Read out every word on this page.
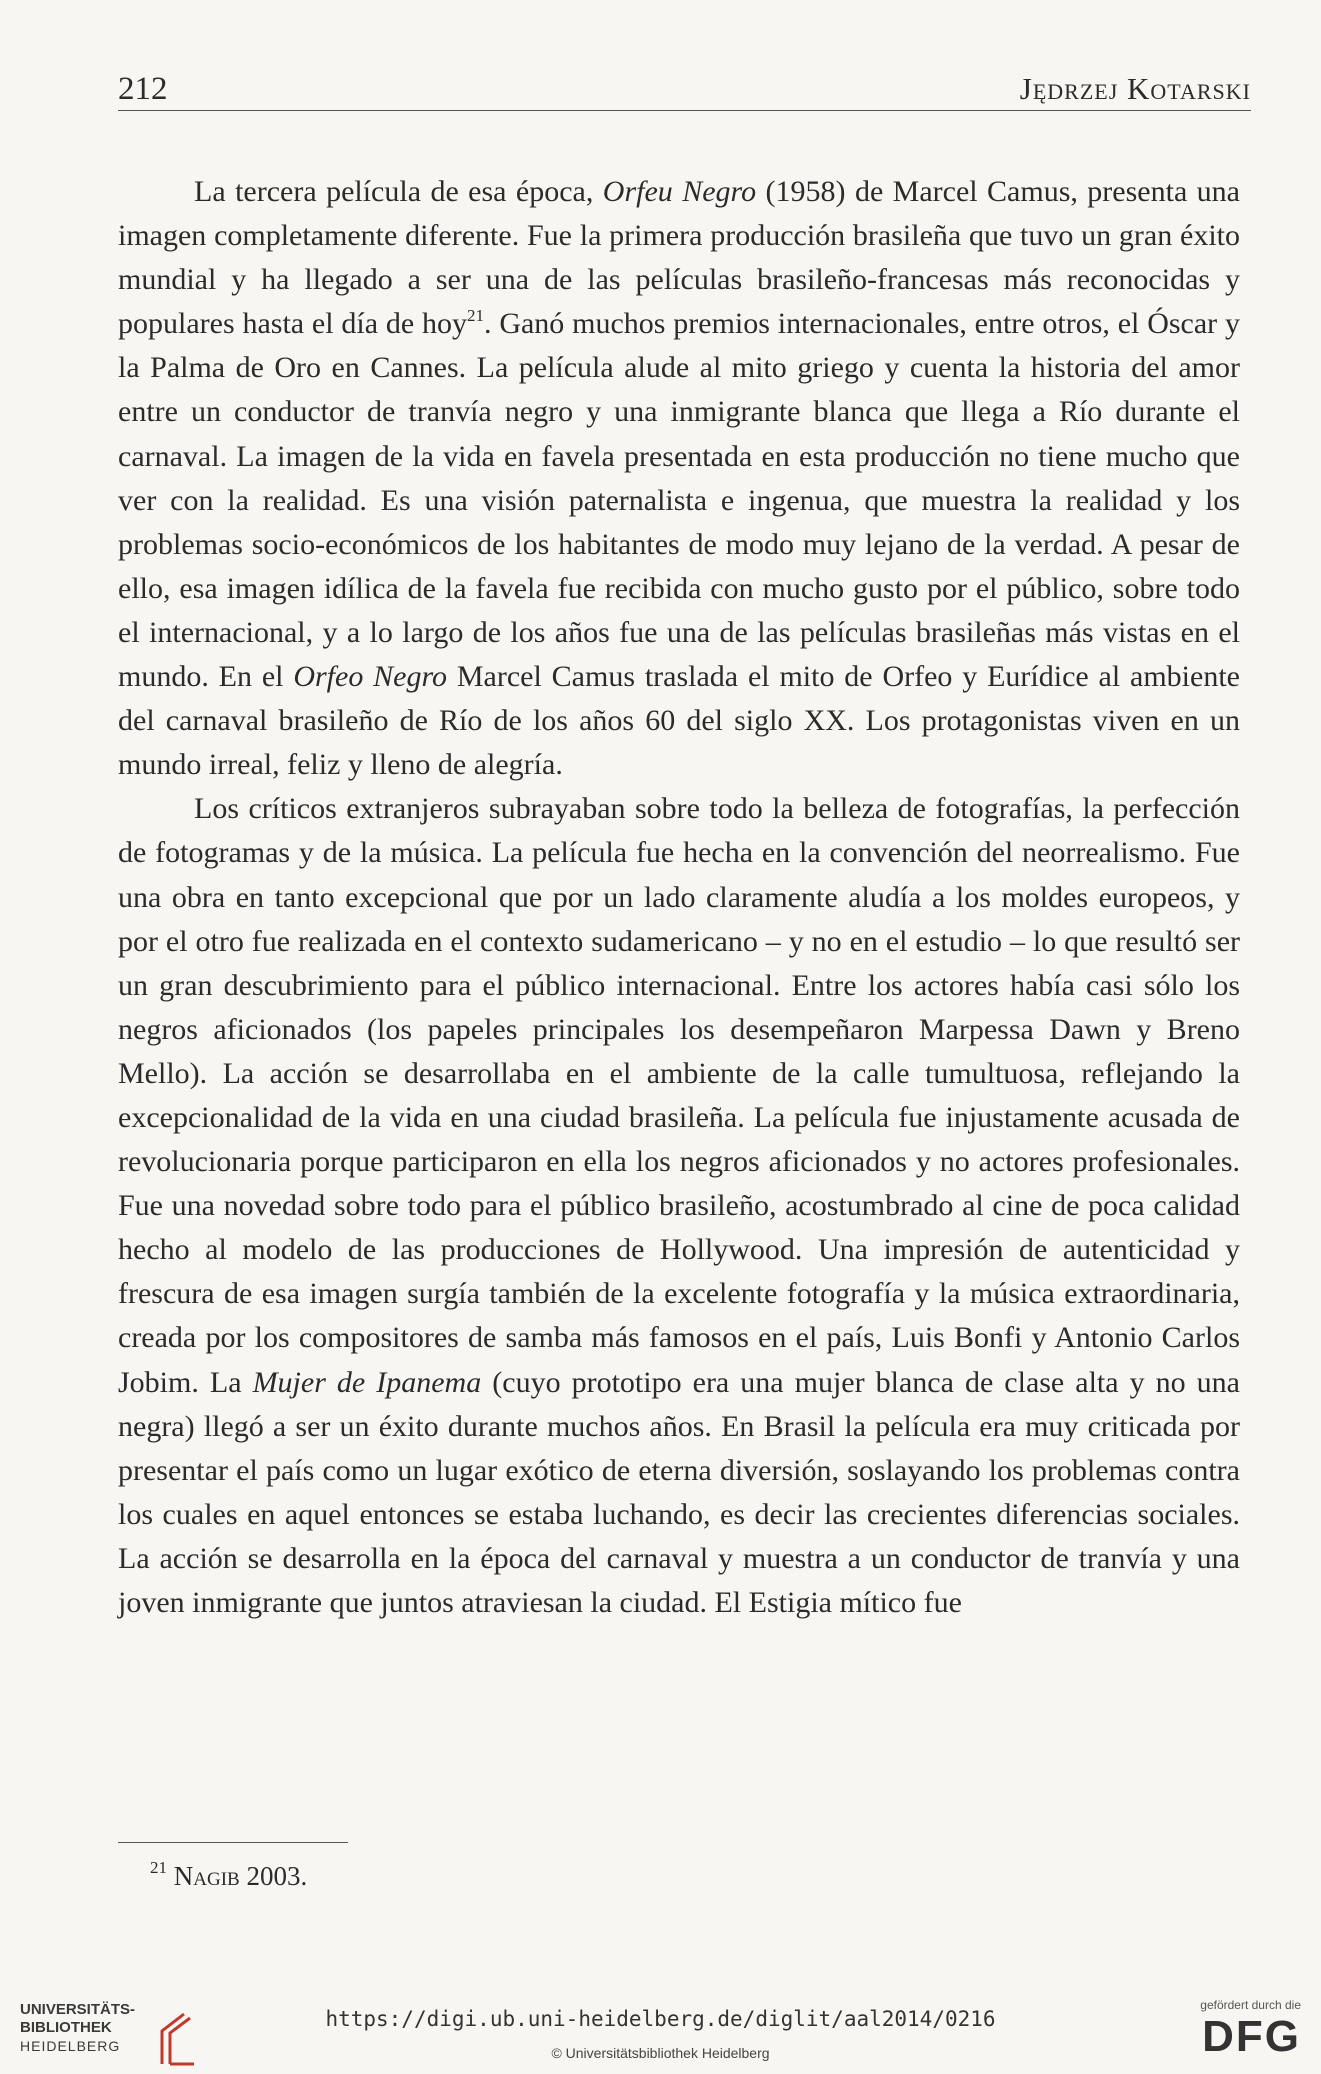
212	Jędrzej Kotarski

La tercera película de esa época, Orfeu Negro (1958) de Marcel Camus, presenta una imagen completamente diferente. Fue la primera producción brasileña que tuvo un gran éxito mundial y ha llegado a ser una de las películas brasileño-francesas más reconocidas y populares hasta el día de hoy$^{21}$. Ganó muchos premios internacionales, entre otros, el Óscar y la Palma de Oro en Cannes. La película alude al mito griego y cuenta la historia del amor entre un conductor de tranvía negro y una inmigrante blanca que llega a Río durante el carnaval. La imagen de la vida en favela presentada en esta producción no tiene mucho que ver con la realidad. Es una visión paternalista e ingenua, que muestra la realidad y los problemas socio-económicos de los habitantes de modo muy lejano de la verdad. A pesar de ello, esa imagen idílica de la favela fue recibida con mucho gusto por el público, sobre todo el internacional, y a lo largo de los años fue una de las películas brasileñas más vistas en el mundo. En el Orfeo Negro Marcel Camus traslada el mito de Orfeo y Eurídice al ambiente del carnaval brasileño de Río de los años 60 del siglo XX. Los protagonistas viven en un mundo irreal, feliz y lleno de alegría.

Los críticos extranjeros subrayaban sobre todo la belleza de fotografías, la perfección de fotogramas y de la música. La película fue hecha en la convención del neorrealismo. Fue una obra en tanto excepcional que por un lado claramente aludía a los moldes europeos, y por el otro fue realizada en el contexto sudamericano – y no en el estudio – lo que resultó ser un gran descubrimiento para el público internacional. Entre los actores había casi sólo los negros aficionados (los papeles principales los desempeñaron Marpessa Dawn y Breno Mello). La acción se desarrollaba en el ambiente de la calle tumultuosa, reflejando la excepcionalidad de la vida en una ciudad brasileña. La película fue injustamente acusada de revolucionaria porque participaron en ella los negros aficionados y no actores profesionales. Fue una novedad sobre todo para el público brasileño, acostumbrado al cine de poca calidad hecho al modelo de las producciones de Hollywood. Una impresión de autenticidad y frescura de esa imagen surgía también de la excelente fotografía y la música extraordinaria, creada por los compositores de samba más famosos en el país, Luis Bonfi y Antonio Carlos Jobim. La Mujer de Ipanema (cuyo prototipo era una mujer blanca de clase alta y no una negra) llegó a ser un éxito durante muchos años. En Brasil la película era muy criticada por presentar el país como un lugar exótico de eterna diversión, soslayando los problemas contra los cuales en aquel entonces se estaba luchando, es decir las crecientes diferencias sociales. La acción se desarrolla en la época del carnaval y muestra a un conductor de tranvía y una joven inmigrante que juntos atraviesan la ciudad. El Estigia mítico fue

$^{21}$ Nagib 2003.
UNIVERSITÄTS-
BIBLIOTHEK
HEIDELBERG
https://digi.ub.uni-heidelberg.de/diglit/aal2014/0216
© Universitätsbibliothek Heidelberg
gefördert durch die
DFG
